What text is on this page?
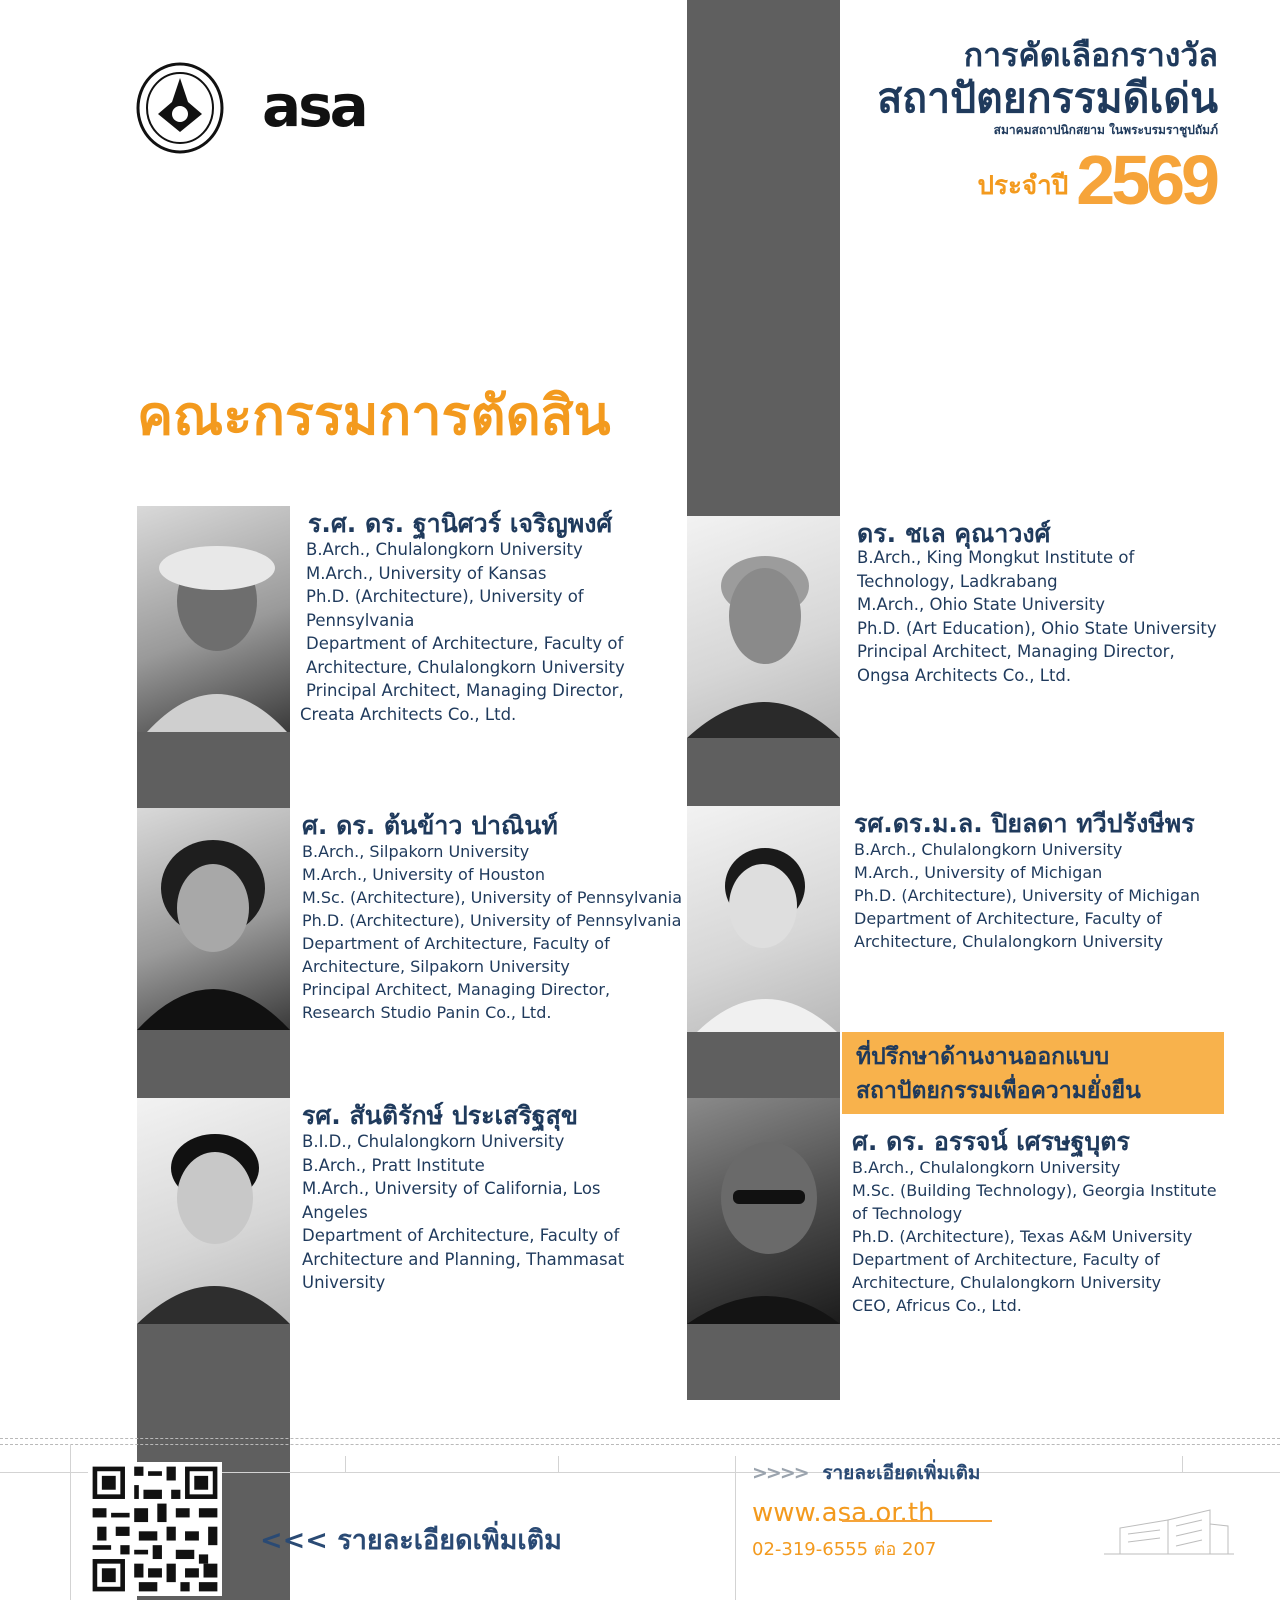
asa
การคัดเลือกรางวัล
สถาปัตยกรรมดีเด่น
สมาคมสถาปนิกสยาม ในพระบรมราชูปถัมภ์
ประจำปี 2569
คณะกรรมการตัดสิน
ร.ศ. ดร. ฐานิศวร์ เจริญพงศ์
B.Arch., Chulalongkorn University
M.Arch., University of Kansas
Ph.D. (Architecture), University of Pennsylvania
Department of Architecture, Faculty of Architecture, Chulalongkorn University
Principal Architect, Managing Director,
Creata Architects Co., Ltd.
ดร. ชเล คุณาวงศ์
B.Arch., King Mongkut Institute of Technology, Ladkrabang
M.Arch., Ohio State University
Ph.D. (Art Education), Ohio State University
Principal Architect, Managing Director, Ongsa Architects Co., Ltd.
ศ. ดร. ต้นข้าว ปาณินท์
B.Arch., Silpakorn University
M.Arch., University of Houston
M.Sc. (Architecture), University of Pennsylvania
Ph.D. (Architecture), University of Pennsylvania
Department of Architecture, Faculty of Architecture, Silpakorn University
Principal Architect, Managing Director, Research Studio Panin Co., Ltd.
รศ.ดร.ม.ล. ปิยลดา ทวีปรังษีพร
B.Arch., Chulalongkorn University
M.Arch., University of Michigan
Ph.D. (Architecture), University of Michigan
Department of Architecture, Faculty of Architecture, Chulalongkorn University
รศ. สันติรักษ์ ประเสริฐสุข
B.I.D., Chulalongkorn University
B.Arch., Pratt Institute
M.Arch., University of California, Los Angeles
Department of Architecture, Faculty of Architecture and Planning, Thammasat University
ที่ปรึกษาด้านงานออกแบบ
สถาปัตยกรรมเพื่อความยั่งยืน
ศ. ดร. อรรจน์ เศรษฐบุตร
B.Arch., Chulalongkorn University
M.Sc. (Building Technology), Georgia Institute of Technology
Ph.D. (Architecture), Texas A&M University
Department of Architecture, Faculty of Architecture, Chulalongkorn University
CEO, Africus Co., Ltd.
<<< รายละเอียดเพิ่มเติม
>>>> รายละเอียดเพิ่มเติม
www.asa.or.th
02-319-6555 ต่อ 207
